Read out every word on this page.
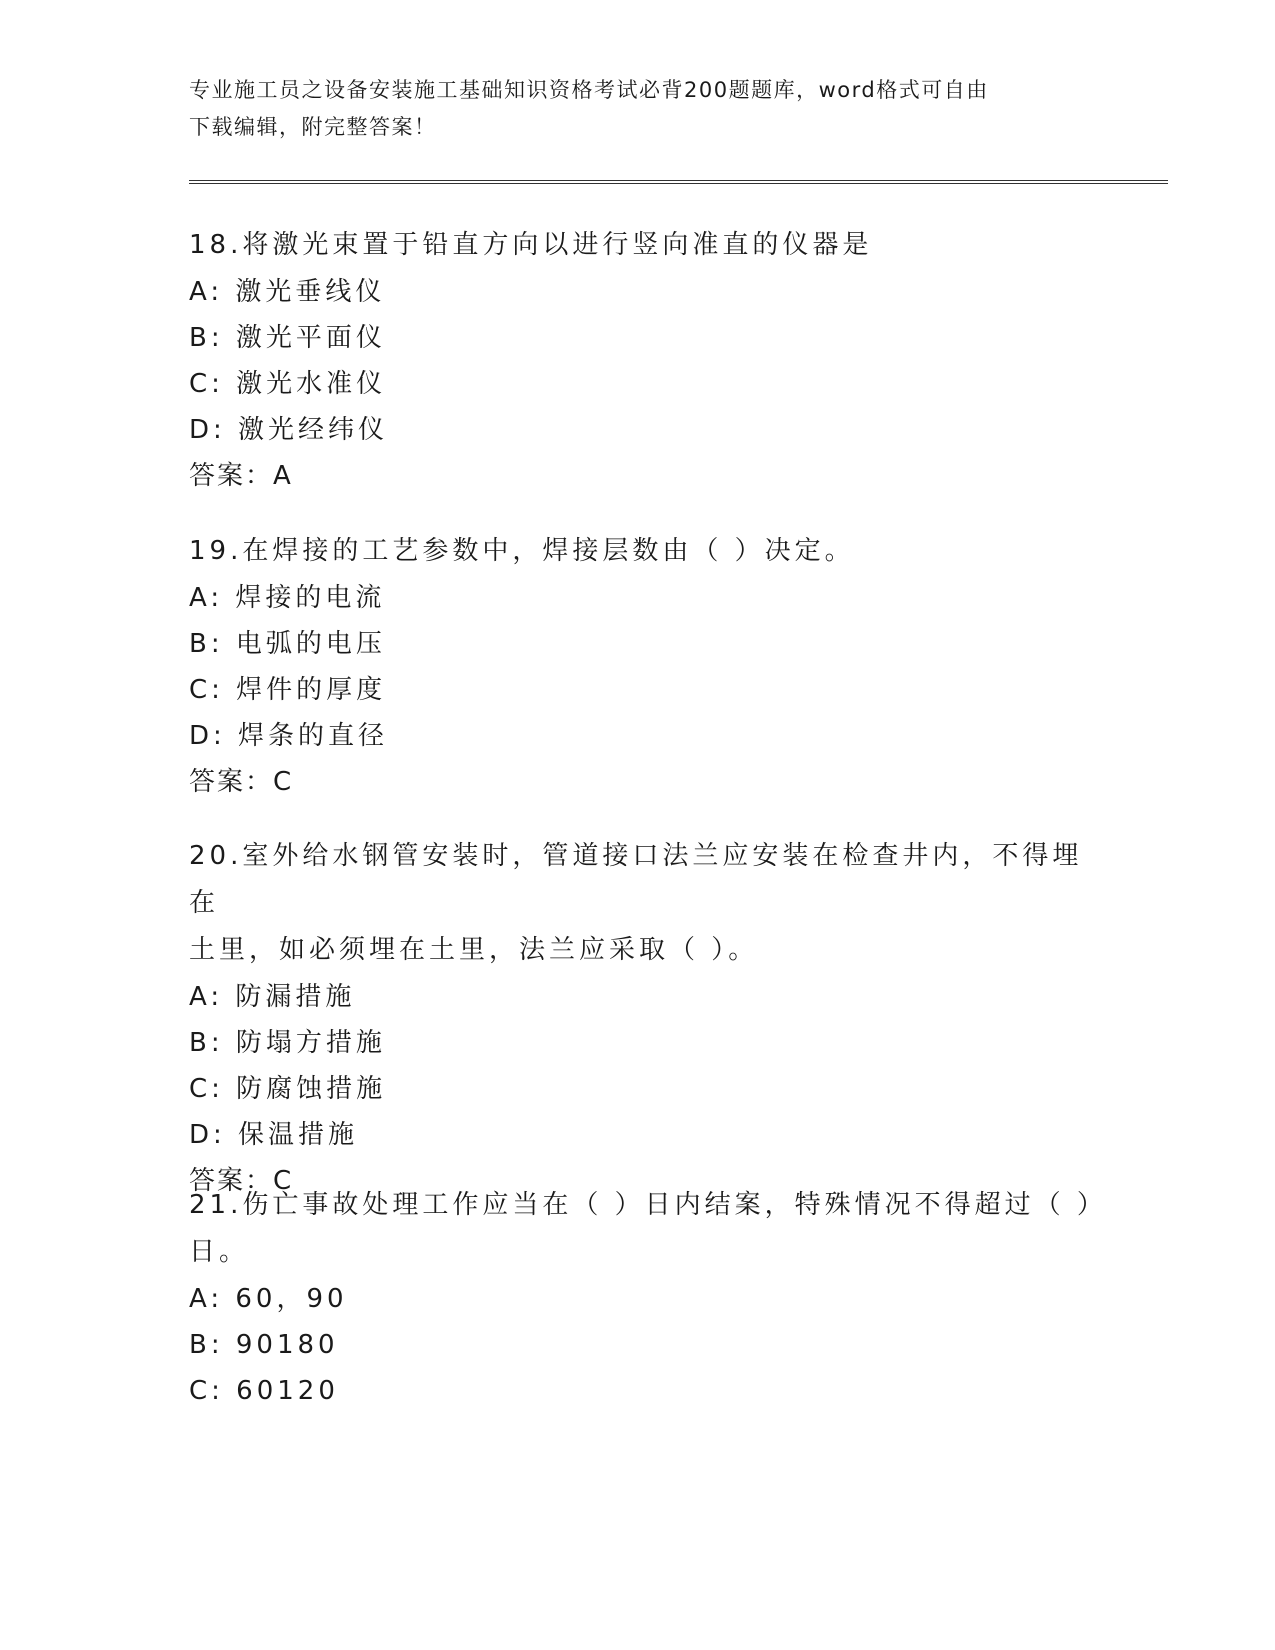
专业施工员之设备安装施工基础知识资格考试必背200题题库，word格式可自由
下载编辑，附完整答案！
18.将激光束置于铅直方向以进行竖向准直的仪器是
A: 激光垂线仪
B: 激光平面仪
C: 激光水准仪
D: 激光经纬仪
答案：A
19.在焊接的工艺参数中，焊接层数由（ ）决定。
A: 焊接的电流
B: 电弧的电压
C: 焊件的厚度
D: 焊条的直径
答案：C
20.室外给水钢管安装时，管道接口法兰应安装在检查井内，不得埋在
土里，如必须埋在土里，法兰应采取（ ）。
A: 防漏措施
B: 防塌方措施
C: 防腐蚀措施
D: 保温措施
答案：C
21.伤亡事故处理工作应当在（ ）日内结案，特殊情况不得超过（ ）
日。
A: 60，90
B: 90180
C: 60120
